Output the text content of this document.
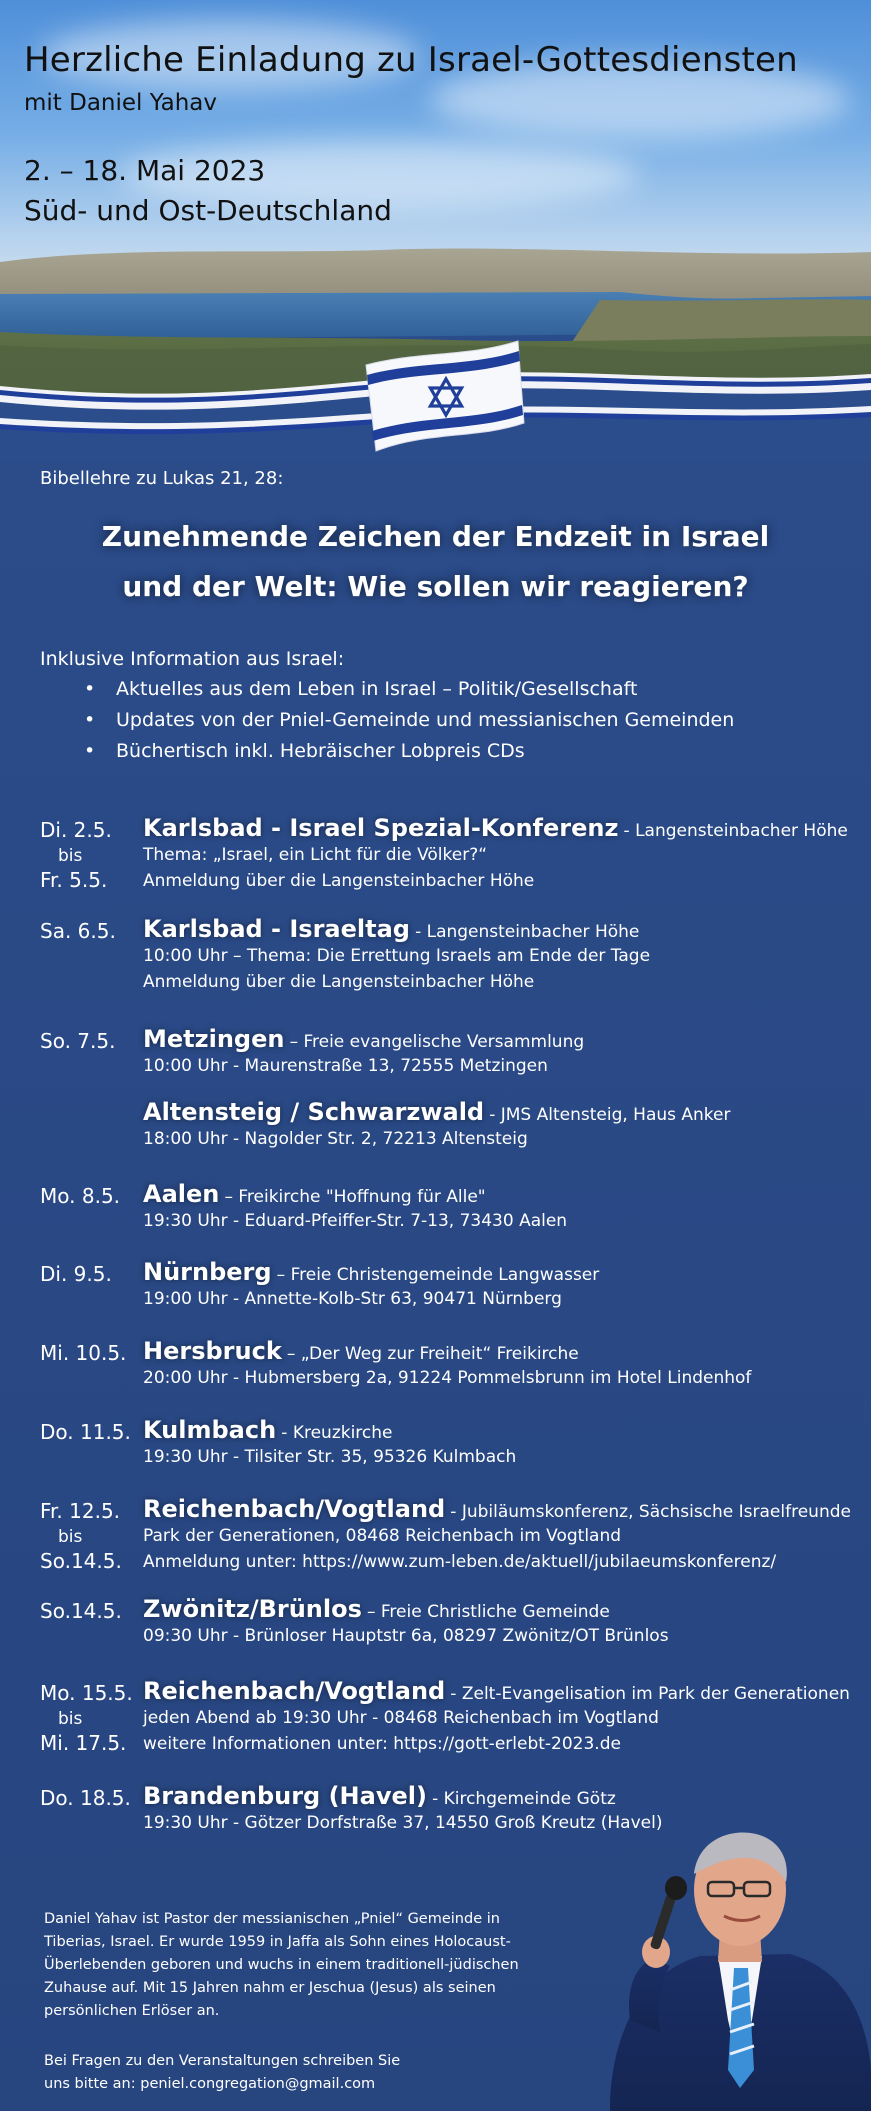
Herzliche Einladung zu Israel-Gottesdiensten

mit Daniel Yahav

2. – 18. Mai 2023

Süd- und Ost-Deutschland

Bibellehre zu Lukas 21, 28:
Zunehmende Zeichen der Endzeit in Israel
und der Welt: Wie sollen wir reagieren?
Inklusive Information aus Israel:
• Aktuelles aus dem Leben in Israel – Politik/Gesellschaft
• Updates von der Pniel-Gemeinde und messianischen Gemeinden
• Büchertisch inkl. Hebräischer Lobpreis CDs
Di. 2.5.
bis
Fr. 5.5.
Karlsbad - Israel Spezial-Konferenz - Langensteinbacher Höhe
Thema: „Israel, ein Licht für die Völker?“
Anmeldung über die Langensteinbacher Höhe
Sa. 6.5. Karlsbad - Israeltag - Langensteinbacher Höhe
10:00 Uhr – Thema: Die Errettung Israels am Ende der Tage
Anmeldung über die Langensteinbacher Höhe
So. 7.5. Metzingen – Freie evangelische Versammlung
10:00 Uhr - Maurenstraße 13, 72555 Metzingen
Altensteig / Schwarzwald - JMS Altensteig, Haus Anker
18:00 Uhr - Nagolder Str. 2, 72213 Altensteig
Mo. 8.5. Aalen – Freikirche "Hoffnung für Alle"
19:30 Uhr - Eduard-Pfeiffer-Str. 7-13, 73430 Aalen
Di. 9.5. Nürnberg – Freie Christengemeinde Langwasser
19:00 Uhr - Annette-Kolb-Str 63, 90471 Nürnberg
Mi. 10.5. Hersbruck – „Der Weg zur Freiheit“ Freikirche
20:00 Uhr - Hubmersberg 2a, 91224 Pommelsbrunn im Hotel Lindenhof
Do. 11.5. Kulmbach - Kreuzkirche
19:30 Uhr - Tilsiter Str. 35, 95326 Kulmbach
Fr. 12.5.
bis
So.14.5.
Reichenbach/Vogtland - Jubiläumskonferenz, Sächsische Israelfreunde
Park der Generationen, 08468 Reichenbach im Vogtland
Anmeldung unter: https://www.zum-leben.de/aktuell/jubilaeumskonferenz/
So.14.5. Zwönitz/Brünlos – Freie Christliche Gemeinde
09:30 Uhr - Brünloser Hauptstr 6a, 08297 Zwönitz/OT Brünlos
Mo. 15.5.
bis
Mi. 17.5.
Reichenbach/Vogtland - Zelt-Evangelisation im Park der Generationen
jeden Abend ab 19:30 Uhr - 08468 Reichenbach im Vogtland
weitere Informationen unter: https://gott-erlebt-2023.de
Do. 18.5. Brandenburg (Havel) - Kirchgemeinde Götz
19:30 Uhr - Götzer Dorfstraße 37, 14550 Groß Kreutz (Havel)
Daniel Yahav ist Pastor der messianischen „Pniel“ Gemeinde in
Tiberias, Israel. Er wurde 1959 in Jaffa als Sohn eines Holocaust-
Überlebenden geboren und wuchs in einem traditionell-jüdischen
Zuhause auf. Mit 15 Jahren nahm er Jeschua (Jesus) als seinen
persönlichen Erlöser an.
Bei Fragen zu den Veranstaltungen schreiben Sie
uns bitte an: peniel.congregation@gmail.com
